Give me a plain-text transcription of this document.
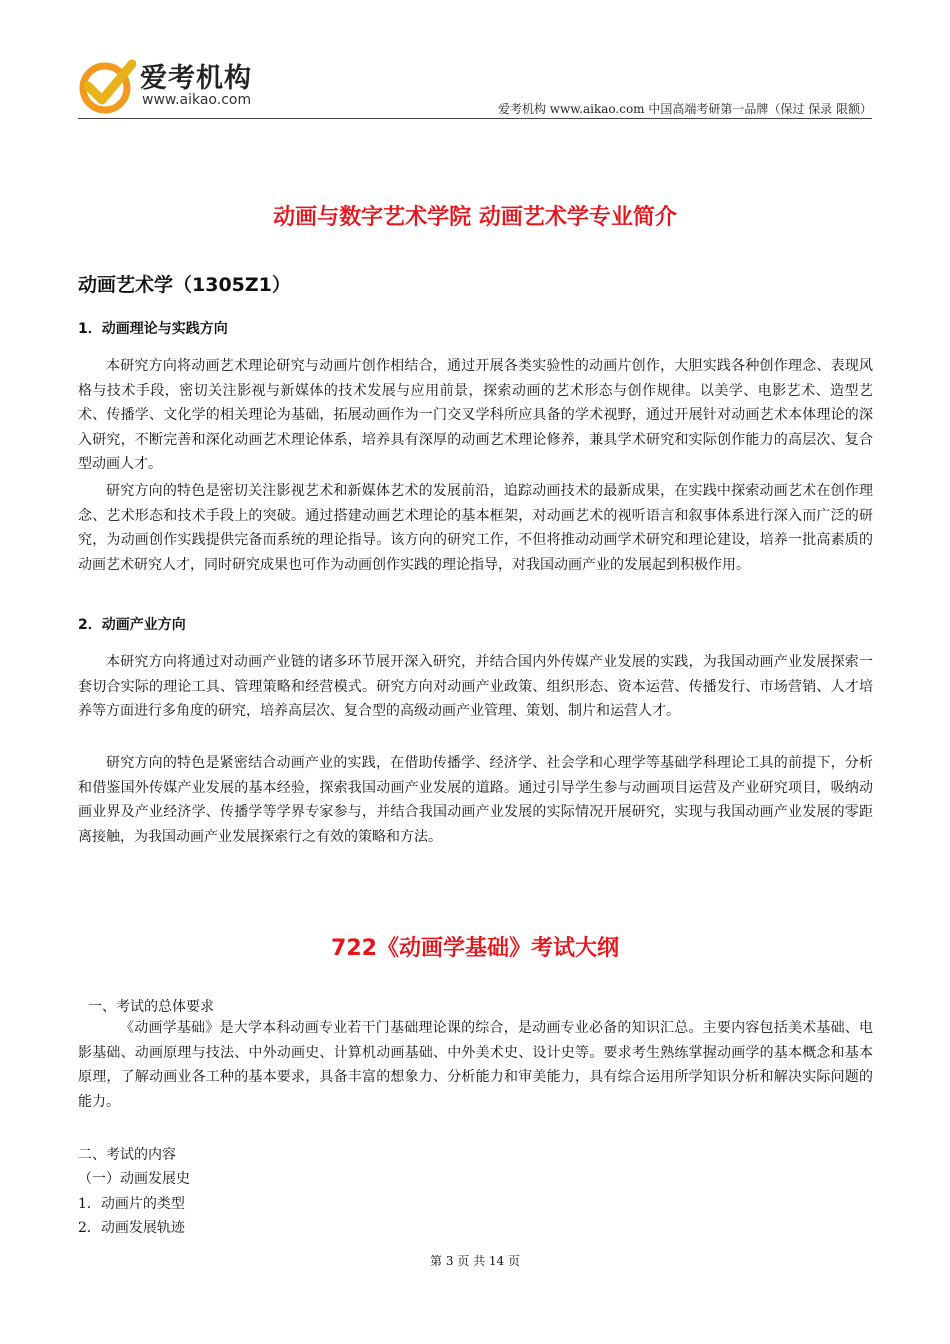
爱考机构
www.aikao.com
爱考机构 www.aikao.com 中国高端考研第一品牌（保过 保录 限额）
动画与数字艺术学院 动画艺术学专业简介
动画艺术学（1305Z1）
1．动画理论与实践方向

本研究方向将动画艺术理论研究与动画片创作相结合，通过开展各类实验性的动画片创作，大胆实践各种创作理念、表现风格与技术手段，密切关注影视与新媒体的技术发展与应用前景，探索动画的艺术形态与创作规律。以美学、电影艺术、造型艺术、传播学、文化学的相关理论为基础，拓展动画作为一门交叉学科所应具备的学术视野，通过开展针对动画艺术本体理论的深入研究，不断完善和深化动画艺术理论体系，培养具有深厚的动画艺术理论修养，兼具学术研究和实际创作能力的高层次、复合型动画人才。

研究方向的特色是密切关注影视艺术和新媒体艺术的发展前沿，追踪动画技术的最新成果，在实践中探索动画艺术在创作理念、艺术形态和技术手段上的突破。通过搭建动画艺术理论的基本框架，对动画艺术的视听语言和叙事体系进行深入而广泛的研究，为动画创作实践提供完备而系统的理论指导。该方向的研究工作，不但将推动动画学术研究和理论建设，培养一批高素质的动画艺术研究人才，同时研究成果也可作为动画创作实践的理论指导，对我国动画产业的发展起到积极作用。

2．动画产业方向

本研究方向将通过对动画产业链的诸多环节展开深入研究，并结合国内外传媒产业发展的实践，为我国动画产业发展探索一套切合实际的理论工具、管理策略和经营模式。研究方向对动画产业政策、组织形态、资本运营、传播发行、市场营销、人才培养等方面进行多角度的研究，培养高层次、复合型的高级动画产业管理、策划、制片和运营人才。

研究方向的特色是紧密结合动画产业的实践，在借助传播学、经济学、社会学和心理学等基础学科理论工具的前提下，分析和借鉴国外传媒产业发展的基本经验，探索我国动画产业发展的道路。通过引导学生参与动画项目运营及产业研究项目，吸纳动画业界及产业经济学、传播学等学界专家参与，并结合我国动画产业发展的实际情况开展研究，实现与我国动画产业发展的零距离接触，为我国动画产业发展探索行之有效的策略和方法。

722《动画学基础》考试大纲
一、考试的总体要求

《动画学基础》是大学本科动画专业若干门基础理论课的综合，是动画专业必备的知识汇总。主要内容包括美术基础、电影基础、动画原理与技法、中外动画史、计算机动画基础、中外美术史、设计史等。要求考生熟练掌握动画学的基本概念和基本原理，了解动画业各工种的基本要求，具备丰富的想象力、分析能力和审美能力，具有综合运用所学知识分析和解决实际问题的能力。

二、考试的内容
（一）动画发展史
1．动画片的类型
2．动画发展轨迹
第 3 页 共 14 页
